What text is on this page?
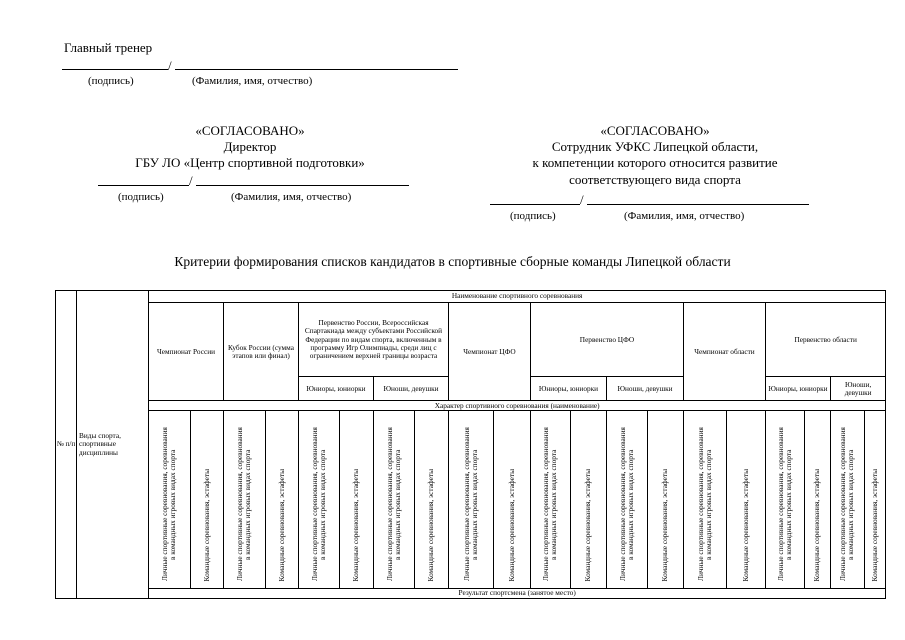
Главный тренер
/
(подпись)	(Фамилия, имя, отчество)
«СОГЛАСОВАНО»
Директор
ГБУ ЛО «Центр спортивной подготовки»
/
(подпись)	(Фамилия, имя, отчество)
«СОГЛАСОВАНО»
Сотрудник УФКС Липецкой области,
к компетенции которого относится развитие
соответствующего вида спорта
/
(подпись)	(Фамилия, имя, отчество)
Критерии формирования списков кандидатов в спортивные сборные команды Липецкой области
№ п/п	Виды спорта, спортивные дисциплины	Наименование спортивного соревнования																			
		Чемпионат России		Кубок России (сумма этапов или финал)		Первенство России, Всероссийская Спартакиада между субъектами Российской Федерации по видам спорта, включенным в программу Игр Олимпиады, среди лиц с ограничением верхней границы возраста				Чемпионат ЦФО		Первенство ЦФО				Чемпионат области		Первенство области			
						Юниоры, юниорки		Юноши, девушки				Юниоры, юниорки		Юноши, девушки				Юниоры, юниорки		Юноши, девушки	
		Характер спортивного соревнования (наименование)																			
		Личные спортивные соревнования, соревнования в командных игровых видах спорта	Командные соревнования, эстафеты	Личные спортивные соревнования, соревнования в командных игровых видах спорта	Командные соревнования, эстафеты	Личные спортивные соревнования, соревнования в командных игровых видах спорта	Командные соревнования, эстафеты	Личные спортивные соревнования, соревнования в командных игровых видах спорта	Командные соревнования, эстафеты	Личные спортивные соревнования, соревнования в командных игровых видах спорта	Командные соревнования, эстафеты	Личные спортивные соревнования, соревнования в командных игровых видах спорта	Командные соревнования, эстафеты	Личные спортивные соревнования, соревнования в командных игровых видах спорта	Командные соревнования, эстафеты	Личные спортивные соревнования, соревнования в командных игровых видах спорта	Командные соревнования, эстафеты	Личные спортивные соревнования, соревнования в командных игровых видах спорта	Командные соревнования, эстафеты	Личные спортивные соревнования, соревнования в командных игровых видах спорта	Командные соревнования, эстафеты
		Результат спортсмена (занятое место)																			
